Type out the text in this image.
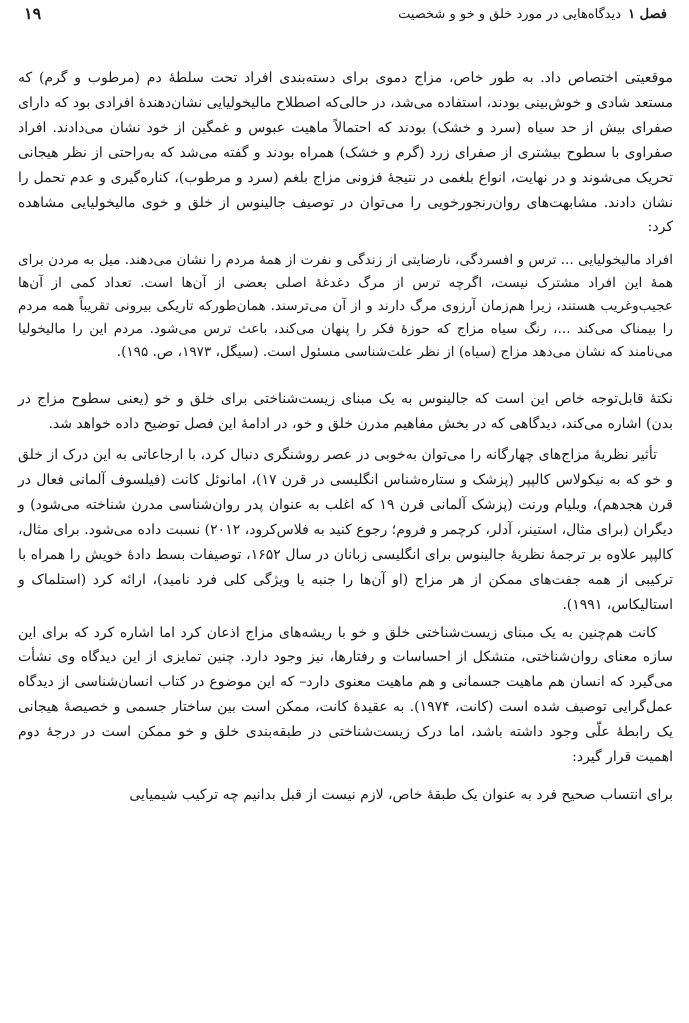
فصل ۱
دیدگاه‌هایی در مورد خلق و خو و شخصیت
۱۹

موقعیتی اختصاص داد. به طور خاص، مزاج دموی برای دسته‌بندی افراد تحت سلطهٔ دم (مرطوب و گرم) که مستعد شادی و خوش‌بینی بودند، استفاده می‌شد، در حالی‌که اصطلاح مالیخولیایی نشان‌دهندهٔ افرادی بود که دارای صفرای بیش از حد سیاه (سرد و خشک) بودند که احتمالاً ماهیت عبوس و غمگین از خود نشان می‌دادند. افراد صفراوی با سطوح بیشتری از صفرای زرد (گرم و خشک) همراه بودند و گفته می‌شد که به‌راحتی از نظر هیجانی تحریک می‌شوند و در نهایت، انواع بلغمی در نتیجهٔ فزونی مزاج بلغم (سرد و مرطوب)، کناره‌گیری و عدم تحمل را نشان دادند. مشابهت‌های روان‌رنجورخویی را می‌توان در توصیف جالینوس از خلق و خوی مالیخولیایی مشاهده کرد:

افراد مالیخولیایی ... ترس و افسردگی، نارضایتی از زندگی و نفرت از همهٔ مردم را نشان می‌دهند. میل به مردن برای همهٔ این افراد مشترک نیست، اگرچه ترس از مرگ دغدغهٔ اصلی بعضی از آن‌ها است. تعداد کمی از آن‌ها عجیب‌وغریب هستند، زیرا هم‌زمان آرزوی مرگ دارند و از آن می‌ترسند. همان‌طورکه تاریکی بیرونی تقریباً همه مردم را بیمناک می‌کند ...، رنگ سیاه مزاج که حوزهٔ فکر را پنهان می‌کند، باعث ترس می‌شود. مردم این را مالیخولیا می‌نامند که نشان می‌دهد مزاج (سیاه) از نظر علت‌شناسی مسئول است. (سیگل، ۱۹۷۳، ص. ۱۹۵).

نکتهٔ قابل‌توجه خاص این است که جالینوس به یک مبنای زیست‌شناختی برای خلق و خو (یعنی سطوح مزاج در بدن) اشاره می‌کند، دیدگاهی که در بخش مفاهیم مدرن خلق و خو، در ادامهٔ این فصل توضیح داده خواهد شد.

تأثیر نظریهٔ مزاج‌های چهارگانه را می‌توان به‌خوبی در عصر روشنگری دنبال کرد، با ارجاعاتی به این درک از خلق و خو که به نیکولاس کالپپر (پزشک و ستاره‌شناس انگلیسی در قرن ۱۷)، امانوئل کانت (فیلسوف آلمانی فعال در قرن هجدهم)، ویلیام ورنت (پزشک آلمانی قرن ۱۹ که اغلب به عنوان پدر روان‌شناسی مدرن شناخته می‌شود) و دیگران (برای مثال، استینر، آدلر، کرچمر و فروم؛ رجوع کنید به فلاس‌کرود، ۲۰۱۲) نسبت داده می‌شود. برای مثال، کالپپر علاوه بر ترجمهٔ نظریهٔ جالینوس برای انگلیسی زبانان در سال ۱۶۵۲، توصیفات بسط دادهٔ خویش را همراه با ترکیبی از همه جفت‌های ممکن از هر مزاج (او آن‌ها را جنبه یا ویژگی کلی فرد نامید)، ارائه کرد (استلماک و استالیکاس، ۱۹۹۱).

کانت هم‌چنین به یک مبنای زیست‌شناختی خلق و خو با ریشه‌های مزاج اذعان کرد اما اشاره کرد که برای این سازه معنای روان‌شناختی، متشکل از احساسات و رفتارها، نیز وجود دارد. چنین تمایزی از این دیدگاه وی نشأت می‌گیرد که انسان هم ماهیت جسمانی و هم ماهیت معنوی دارد– که این موضوع در کتاب انسان‌شناسی از دیدگاه عمل‌گرایی توصیف شده است (کانت، ۱۹۷۴). به عقیدهٔ کانت، ممکن است بین ساختار جسمی و خصیصهٔ هیجانی یک رابطهٔ علّی وجود داشته باشد، اما درک زیست‌شناختی در طبقه‌بندی خلق و خو ممکن است در درجهٔ دوم اهمیت قرار گیرد:

برای انتساب صحیح فرد به عنوان یک طبقهٔ خاص، لازم نیست از قبل بدانیم چه ترکیب شیمیایی
